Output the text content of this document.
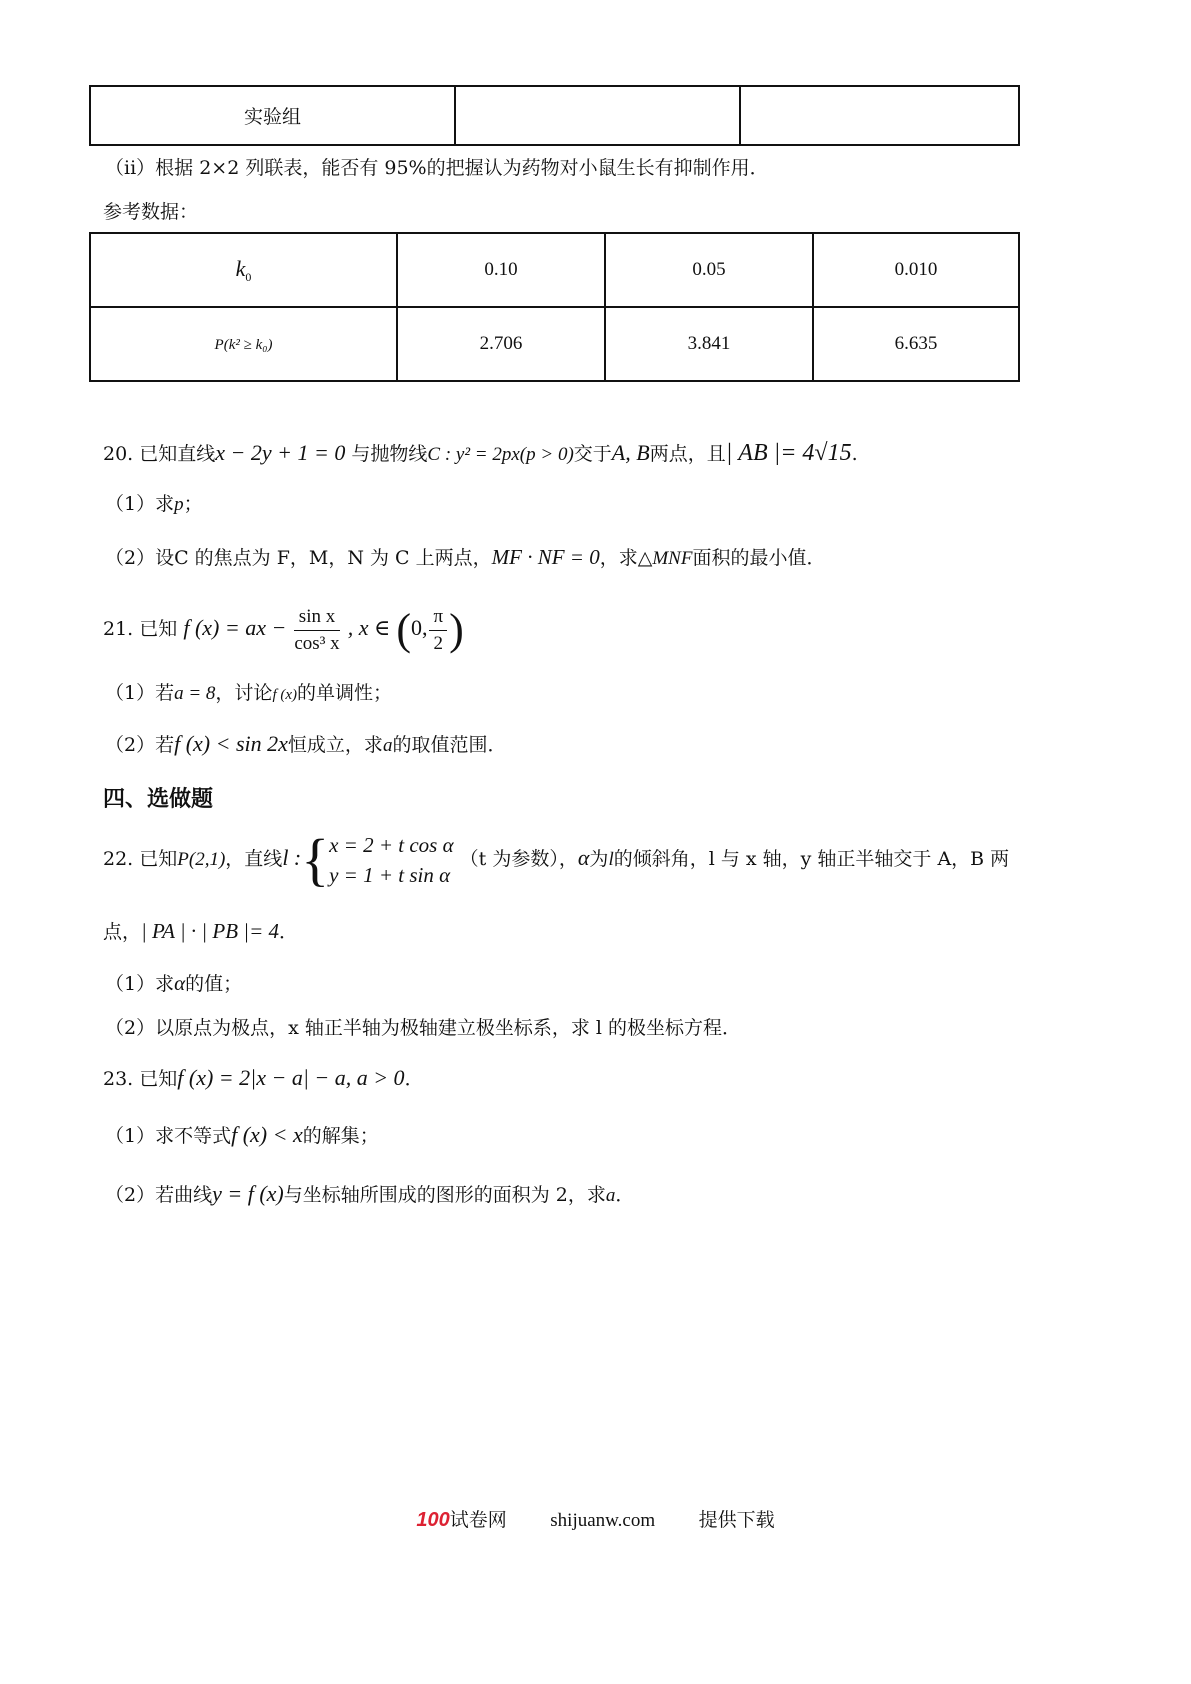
实验组		
（ii）根据 2×2 列联表，能否有 95%的把握认为药物对小鼠生长有抑制作用．
参考数据：
$k_0$	0.10	0.05	0.010
P(k² ≥ k₀)	2.706	3.841	6.635
20. 已知直线x − 2y + 1 = 0 与抛物线C : y² = 2px(p > 0)交于A, B两点，且| AB |= 4√15.
（1）求p；
（2）设C 的焦点为 F，M，N 为 C 上两点，MF · NF = 0，求△MNF面积的最小值．
21. 已知 f (x) = ax − $\frac{\text{sin x}}{\text{cos³ x}}$ , x ∈ (0, $\frac{\pi}{2}$ )
（1）若a = 8，讨论f (x)的单调性；
（2）若f (x) < sin 2x恒成立，求a的取值范围．
四、选做题
22. 已知P(2,1)，直线l :{ x = 2 + t cos α
y = 1 + t sin α
（t 为参数），α为l的倾斜角，l 与 x 轴，y 轴正半轴交于 A，B 两
点，| PA | · | PB |= 4．
（1）求α的值；
（2）以原点为极点，x 轴正半轴为极轴建立极坐标系，求 l 的极坐标方程．
23. 已知f (x) = 2|x − a| − a, a > 0．
（1）求不等式f (x) < x的解集；
（2）若曲线y = f (x)与坐标轴所围成的图形的面积为 2，求a．
100试卷网 shijuanw.com 提供下载
